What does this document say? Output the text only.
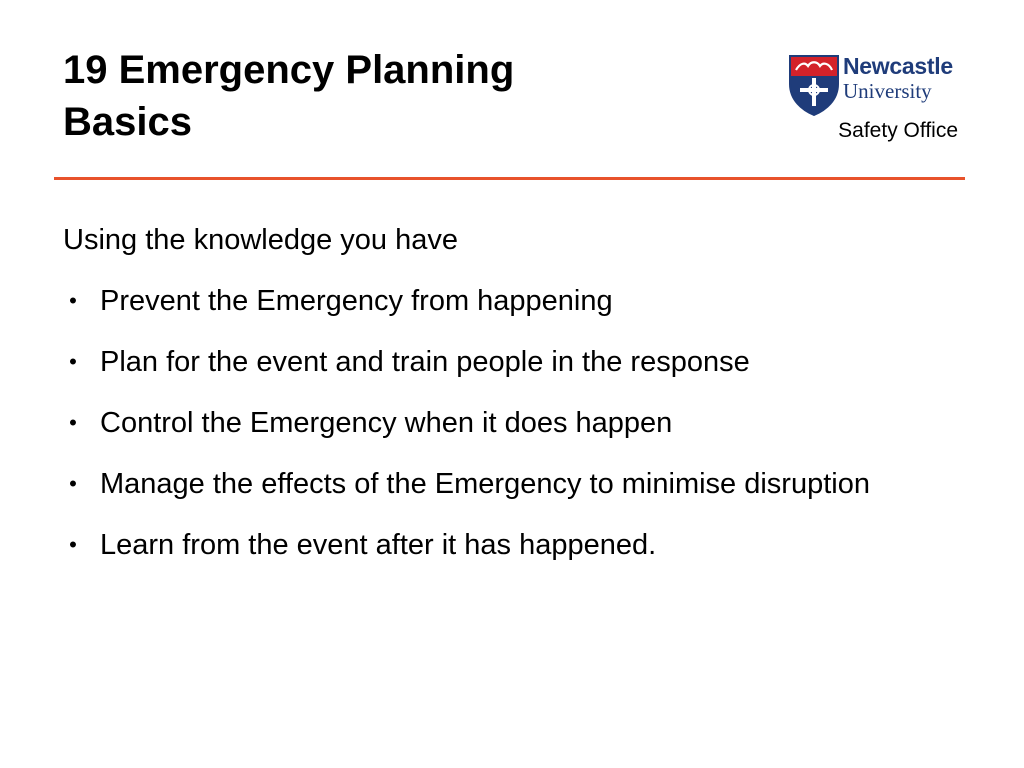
19 Emergency Planning
Basics
Newcastle
University
Safety Office

Using the knowledge you have

• Prevent the Emergency from happening
• Plan for the event and train people in the response
• Control the Emergency when it does happen
• Manage the effects of the Emergency to minimise disruption
• Learn from the event after it has happened.
